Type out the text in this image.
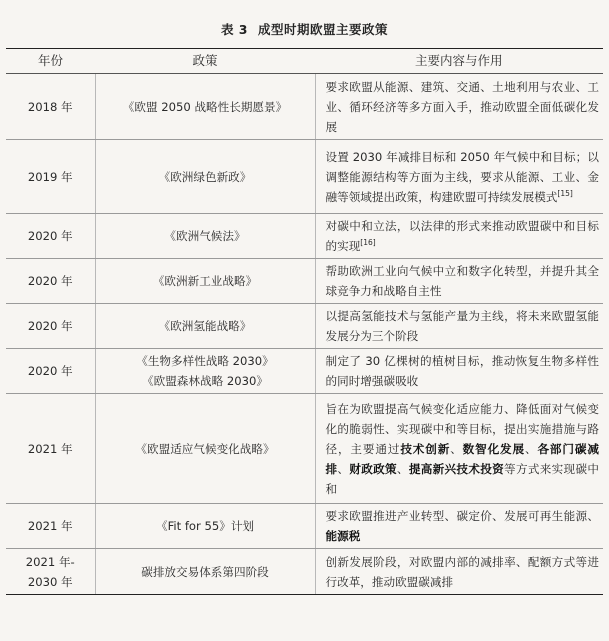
表 3 成型时期欧盟主要政策
年份	政策	主要内容与作用

2018 年	《欧盟 2050 战略性长期愿景》	要求欧盟从能源、建筑、交通、土地利用与农业、工业、循环经济等多方面入手，推动欧盟全面低碳化发展

2019 年	《欧洲绿色新政》	设置 2030 年减排目标和 2050 年气候中和目标；以调整能源结构等方面为主线，要求从能源、工业、金融等领域提出政策，构建欧盟可持续发展模式[15]

2020 年	《欧洲气候法》	对碳中和立法，以法律的形式来推动欧盟碳中和目标的实现[16]

2020 年	《欧洲新工业战略》	帮助欧洲工业向气候中立和数字化转型，并提升其全球竞争力和战略自主性

2020 年	《欧洲氢能战略》	以提高氢能技术与氢能产量为主线，将未来欧盟氢能发展分为三个阶段

2020 年	《生物多样性战略 2030》
《欧盟森林战略 2030》	制定了 30 亿棵树的植树目标，推动恢复生物多样性的同时增强碳吸收

2021 年	《欧盟适应气候变化战略》	旨在为欧盟提高气候变化适应能力、降低面对气候变化的脆弱性、实现碳中和等目标，提出实施措施与路径，主要通过技术创新、数智化发展、各部门碳减排、财政政策、提高新兴技术投资等方式来实现碳中和

2021 年	《Fit for 55》计划	要求欧盟推进产业转型、碳定价、发展可再生能源、能源税

2021 年-
2030 年	碳排放交易体系第四阶段	创新发展阶段，对欧盟内部的减排率、配额方式等进行改革，推动欧盟碳减排
